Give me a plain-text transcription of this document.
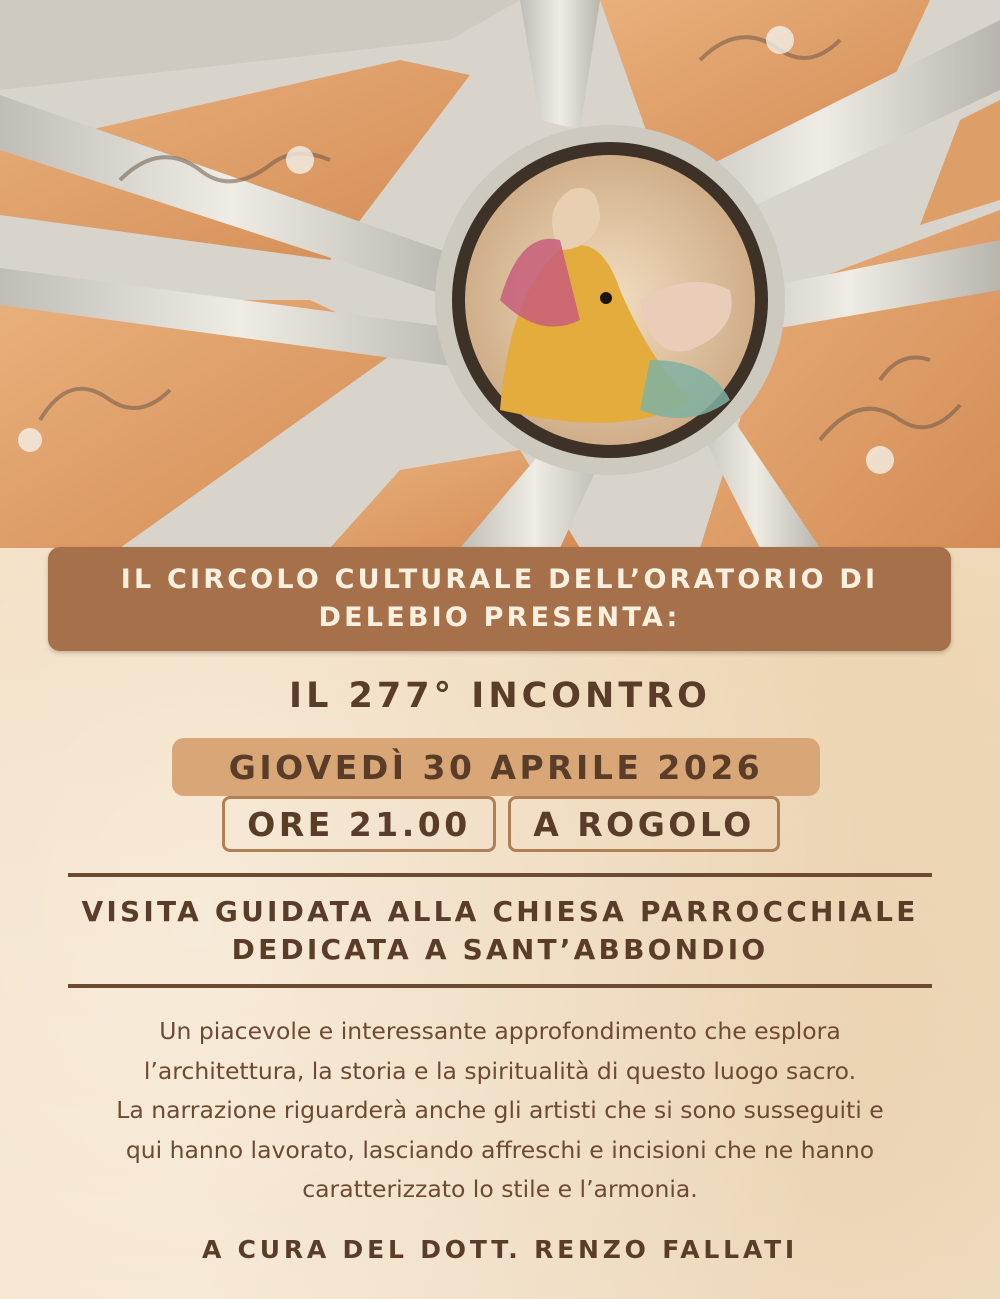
IL CIRCOLO CULTURALE DELL’ORATORIO DI DELEBIO PRESENTA:
IL 277° INCONTRO
GIOVEDÌ 30 APRILE 2026
ORE 21.00 A ROGOLO
VISITA GUIDATA ALLA CHIESA PARROCCHIALE
DEDICATA A SANT’ABBONDIO
Un piacevole e interessante approfondimento che esplora
l’architettura, la storia e la spiritualità di questo luogo sacro.
La narrazione riguarderà anche gli artisti che si sono susseguiti e
qui hanno lavorato, lasciando affreschi e incisioni che ne hanno
caratterizzato lo stile e l’armonia.
A CURA DEL DOTT. RENZO FALLATI
